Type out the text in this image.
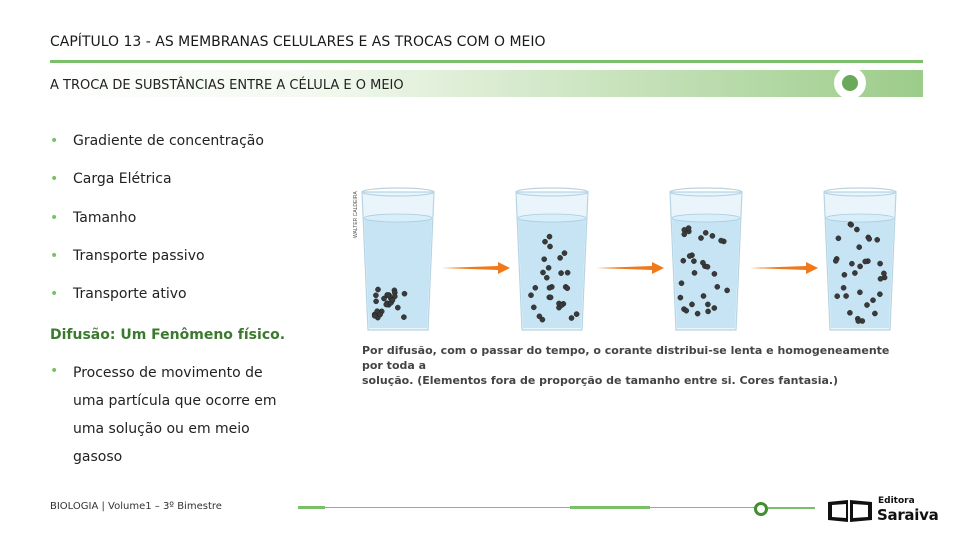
CAPÍTULO 13 - AS MEMBRANAS CELULARES E AS TROCAS COM O MEIO
A TROCA DE SUBSTÂNCIAS ENTRE A CÉLULA E O MEIO
•	Gradiente de concentração
•	Carga Elétrica
•	Tamanho
•	Transporte passivo
•	Transporte ativo
Difusão: Um Fenômeno físico.
•	Processo de movimento de
uma partícula que ocorre em
uma solução ou em meio
gasoso
WALTER CALDEIRA
Por difusão, com o passar do tempo, o corante distribui-se lenta e homogeneamente por toda a
solução. (Elementos fora de proporção de tamanho entre si. Cores fantasia.)
BIOLOGIA | Volume1 – 3º Bimestre	Editora
Saraiva
